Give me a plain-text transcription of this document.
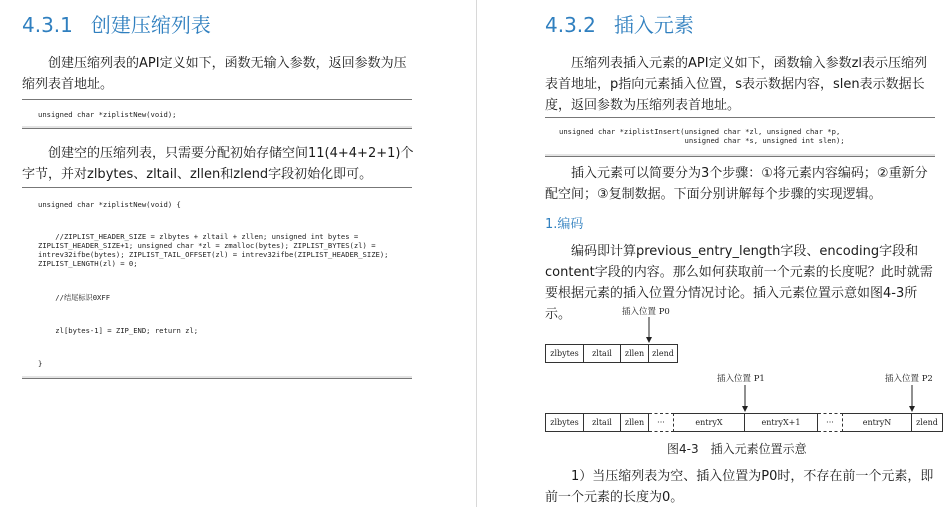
4.3.1 创建压缩列表

创建压缩列表的API定义如下，函数无输入参数，返回参数为压缩列表首地址。

unsigned char *ziplistNew(void);

创建空的压缩列表，只需要分配初始存储空间11(4+4+2+1)个字节，并对zlbytes、zltail、zllen和zlend字段初始化即可。

unsigned char *ziplistNew(void) {

//ZIPLIST_HEADER_SIZE = zlbytes + zltail + zllen; unsigned int bytes =

ZIPLIST_HEADER_SIZE+1; unsigned char *zl = zmalloc(bytes); ZIPLIST_BYTES(zl) =

intrev32ifbe(bytes); ZIPLIST_TAIL_OFFSET(zl) = intrev32ifbe(ZIPLIST_HEADER_SIZE);

ZIPLIST_LENGTH(zl) = 0;

//结尾标识0XFF

zl[bytes-1] = ZIP_END; return zl;

}

4.3.2 插入元素

压缩列表插入元素的API定义如下，函数输入参数zl表示压缩列表首地址，p指向元素插入位置，s表示数据内容，slen表示数据长度，返回参数为压缩列表首地址。

unsigned char *ziplistInsert(unsigned char *zl, unsigned char *p,

unsigned char *s, unsigned int slen);

插入元素可以简要分为3个步骤：①将元素内容编码；②重新分配空间；③复制数据。下面分别讲解每个步骤的实现逻辑。

1.编码

编码即计算previous_entry_length字段、encoding字段和content字段的内容。那么如何获取前一个元素的长度呢？此时就需要根据元素的插入位置分情况讨论。插入元素位置示意如图4-3所示。	插入位置 P0

插入位置 P1	插入位置 P2

zlbytes	zltail	zllen	zlend
zlbytes	zltail	zllen	···	entryX	entryX+1	···	entryN	zlend

图4-3　插入元素位置示意

1）当压缩列表为空、插入位置为P0时，不存在前一个元素，即前一个元素的长度为0。
